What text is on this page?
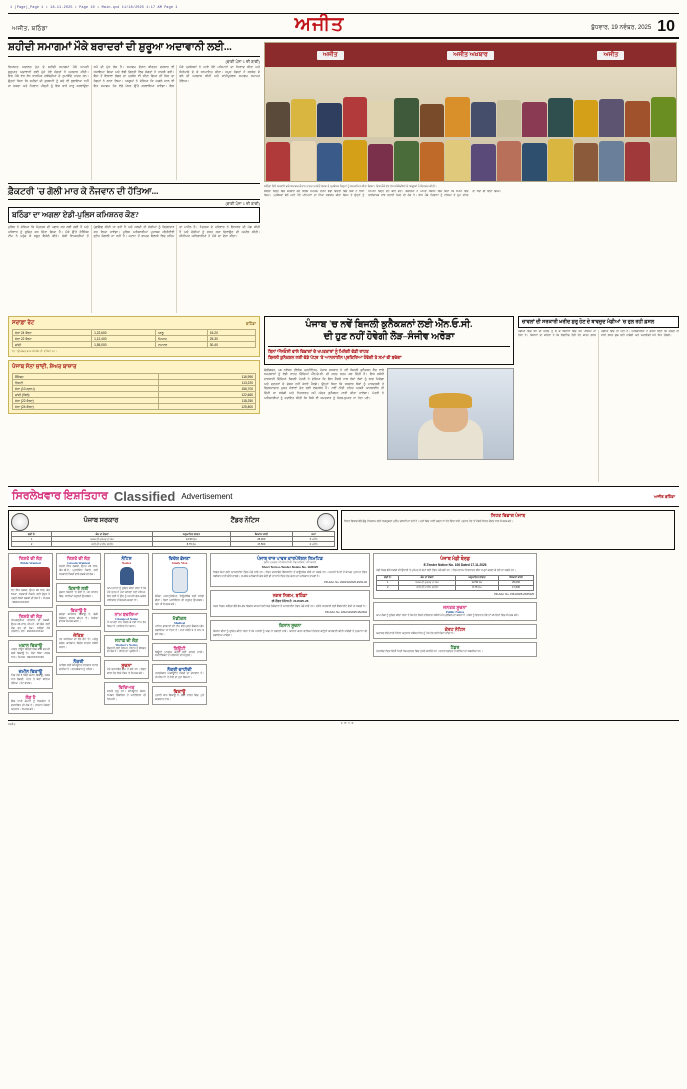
1 (Page)_Page 1 • 18-11-2025 • Page 10 • Main.qxd 11/18/2025 1:17 AM Page 1
ਅਜੀਤ, ਬਠਿੰਡਾ	ਅਜੀਤ	ਬੁੱਧਵਾਰ, 19 ਨਵੰਬਰ, 2025 10
ਸ਼ਹੀਦੀ ਸਮਾਗਮਾਂ ਮੌਕੇ ਬਰਾਦਰਾਂ ਦੀ ਸ਼ੁਰੂਆ ਅਦਾਵਾਨੀ ਲਈ...
(ਬਾਕੀ ਪੰਨਾ 1 ਦੀ ਬਾਕੀ)
ਸਿਆਸਤ ਅਦਾਲਤ ਪੁੱਤ ਦੇ ਸ਼ਹੀਦੀ ਸਮਾਗਮਾਂ ਮੌਕੇ ਆਪਣੀ ਸ਼ੁਰੂਆਤ ਅਦਾਵਾਨੀ ਲਈ ਪੁੱਜੇ ਹੋਏ ਸੰਗਤਾਂ ਨੇ ਅਰਦਾਸ ਕੀਤੀ। ਇਸ ਮੌਕੇ ਵੱਖ ਵੱਖ ਧਾਰਮਿਕ ਜਥੇਬੰਦੀਆਂ ਦੇ ਨੁਮਾਇੰਦੇ ਹਾਜ਼ਰ ਸਨ। ਉਨ੍ਹਾਂ ਕਿਹਾ ਕਿ ਸ਼ਹੀਦਾਂ ਦੀ ਕੁਰਬਾਨੀ ਨੂੰ ਕਦੇ ਵੀ ਭੁਲਾਇਆ ਨਹੀਂ ਜਾ ਸਕਦਾ ਅਤੇ ਨੌਜਵਾਨ ਪੀੜ੍ਹੀ ਨੂੰ ਇਸ ਬਾਰੇ ਜਾਣੂ ਕਰਵਾਉਣਾ ਸਮੇਂ ਦੀ ਮੁੱਖ ਲੋੜ ਹੈ। ਸਮਾਗਮ ਦੌਰਾਨ ਕੀਰਤਨ ਦਰਬਾਰ ਵੀ ਸਜਾਇਆ ਗਿਆ ਅਤੇ ਵੱਡੀ ਗਿਣਤੀ ਵਿਚ ਸੰਗਤਾਂ ਨੇ ਹਾਜ਼ਰੀ ਭਰੀ। ਇਸ ਤੋਂ ਇਲਾਵਾ ਲੰਗਰ ਦਾ ਪ੍ਰਬੰਧ ਵੀ ਕੀਤਾ ਗਿਆ ਸੀ ਜਿਸ ਦਾ ਸੰਗਤਾਂ ਨੇ ਲਾਹਾ ਲਿਆ। ਆਗੂਆਂ ਨੇ ਦੱਸਿਆ ਕਿ ਅਗਲੇ ਸਾਲ ਵੀ ਇਹ ਸਮਾਗਮ ਹੋਰ ਵੱਡੇ ਪੱਧਰ ਉੱਤੇ ਕਰਵਾਇਆ ਜਾਵੇਗਾ। ਇਸ ਮੌਕੇ ਪ੍ਰਬੰਧਕਾਂ ਨੇ ਆਏ ਹੋਏ ਮਹਿਮਾਨਾਂ ਦਾ ਧੰਨਵਾਦ ਕੀਤਾ ਅਤੇ ਸਿਰੋਪਾਓ ਦੇ ਕੇ ਸਨਮਾਨਿਤ ਕੀਤਾ। ਸਮੂਹ ਸੰਗਤਾਂ ਨੇ ਸਰਬੱਤ ਦੇ ਭਲੇ ਦੀ ਅਰਦਾਸ ਕੀਤੀ ਅਤੇ ਸ਼ਾਂਤੀਪੂਰਵਕ ਸਮਾਗਮ ਸਮਾਪਤ ਹੋਇਆ।
ਫ਼ੈਕਟਰੀ 'ਚ ਗੋਲੀ ਮਾਰ ਕੇ ਨੌਜਵਾਨ ਦੀ ਹੱਤਿਆ...
(ਬਾਕੀ ਪੰਨਾ 1 ਦੀ ਬਾਕੀ)
ਬਠਿੰਡਾ ਦਾ ਅਗਲਾ ਏਡੀ-ਪੁਲਿਸ ਕਮਿਸ਼ਨਰ ਕੌਣ?
ਪੁਲਿਸ ਨੇ ਦੱਸਿਆ ਕਿ ਮ੍ਰਿਤਕ ਦੀ ਪਛਾਣ ਕਰ ਲਈ ਗਈ ਹੈ ਅਤੇ ਪਰਿਵਾਰ ਨੂੰ ਸੂਚਿਤ ਕਰ ਦਿੱਤਾ ਗਿਆ ਹੈ। ਮੌਕੇ ਉੱਤੇ ਫੋਰੈਂਸਿਕ ਟੀਮ ਨੇ ਪਹੁੰਚ ਕੇ ਸਬੂਤ ਇਕੱਠੇ ਕੀਤੇ। ਸ਼ੱਕੀ ਵਿਅਕਤੀਆਂ ਤੋਂ ਪੁੱਛਗਿੱਛ ਕੀਤੀ ਜਾ ਰਹੀ ਹੈ ਅਤੇ ਜਲਦੀ ਹੀ ਦੋਸ਼ੀਆਂ ਨੂੰ ਗ੍ਰਿਫ਼ਤਾਰ ਕਰ ਲਿਆ ਜਾਵੇਗਾ। ਪੁਲਿਸ ਅਧਿਕਾਰੀਆਂ ਮੁਤਾਬਕ ਸੀਸੀਟੀਵੀ ਫੁਟੇਜ ਖੰਗਾਲੀ ਜਾ ਰਹੀ ਹੈ। ਘਟਨਾ ਤੋਂ ਬਾਅਦ ਇਲਾਕੇ ਵਿਚ ਸਹਿਮ ਦਾ ਮਾਹੌਲ ਹੈ। ਮ੍ਰਿਤਕ ਦੇ ਪਰਿਵਾਰ ਨੇ ਇਨਸਾਫ਼ ਦੀ ਮੰਗ ਕੀਤੀ ਹੈ ਅਤੇ ਦੋਸ਼ੀਆਂ ਨੂੰ ਸਖ਼ਤ ਸਜ਼ਾ ਦਿਵਾਉਣ ਦੀ ਅਪੀਲ ਕੀਤੀ। ਸੀਨੀਅਰ ਅਧਿਕਾਰੀਆਂ ਨੇ ਮੌਕੇ ਦਾ ਦੌਰਾ ਕੀਤਾ।
ਅਜੀਤ	ਅਜੀਤ ਅਖ਼ਬਾਰ	ਅਜੀਤ
ਬਠਿੰਡਾ ਵਿਖੇ ਕਰਵਾਏ ਗਏ ਸਮਾਗਮ ਦੌਰਾਨ ਹਾਜ਼ਰ ਪਤਵੰਤੇ ਸੱਜਣ ਤੇ ਪ੍ਰਬੰਧਕ ਜਿਨ੍ਹਾਂ ਨੂੰ ਸਨਮਾਨਿਤ ਕੀਤਾ ਗਿਆ। ਇਸ ਮੌਕੇ ਵੱਖ ਵੱਖ ਜਥੇਬੰਦੀਆਂ ਦੇ ਆਗੂਆਂ ਨੇ ਸ਼ਿਰਕਤ ਕੀਤੀ।
ਬਠਿੰਡਾ ਜ਼ਿਲ੍ਹੇ ਵਿਚ ਕਰਵਾਏ ਗਏ ਵਿਸ਼ੇਸ਼ ਸਮਾਗਮ ਦੌਰਾਨ ਵੱਡੀ ਗਿਣਤੀ ਵਿਚ ਲੋਕਾਂ ਨੇ ਹਿੱਸਾ ਲਿਆ। ਪ੍ਰਬੰਧਕਾਂ ਵੱਲੋਂ ਆਏ ਹੋਏ ਮਹਿਮਾਨਾਂ ਦਾ ਨਿੱਘਾ ਸਵਾਗਤ ਕੀਤਾ ਗਿਆ ਤੇ ਉਨ੍ਹਾਂ ਨੂੰ ਸਨਮਾਨ ਚਿੰਨ੍ਹ ਭੇਟ ਕੀਤੇ ਗਏ। ਵਕਤਿਆਂ ਨੇ ਆਪਣੇ ਸੰਬੋਧਨ ਵਿਚ ਕਿਹਾ ਕਿ ਸਮਾਜ ਵਿਚ ਭਾਈਚਾਰਕ ਸਾਂਝ ਬਣਾਈ ਰੱਖਣ ਦੀ ਲੋੜ ਹੈ। ਇਸ ਮੌਕੇ ਨੌਜਵਾਨਾਂ ਨੂੰ ਨਸ਼ਿਆਂ ਤੋਂ ਦੂਰ ਰਹਿਣ ਦਾ ਸੱਦਾ ਵੀ ਦਿੱਤਾ ਗਿਆ।
ਸਰਾਫ਼ਾ ਰੇਟ	ਬਠਿੰਡਾ
ਸੋਨਾ 24 ਕੈਰਟ	1,22,600	ਆਲੂ	15-20
ਸੋਨਾ 22 ਕੈਰਟ	1,12,400	ਪਿਆਜ਼	25-30
ਚਾਂਦੀ	1,55,000	ਟਮਾਟਰ	30-40
ਨੋਟ : ਉਪਰੋਕਤ ਭਾਅ ਜੀ.ਐੱਸ.ਟੀ. ਤੋਂ ਬਿਨਾਂ ਹਨ।
ਪੰਜਾਬ ਸੋਨਾ ਚਾਂਦੀ, ਸ਼ੇਅਰ ਬਾਜ਼ਾਰ
ਸੈਂਸੈਕਸ	116,990
ਨਿਫਟੀ	113,220
ਸੋਨਾ (10 ਗ੍ਰਾਮ)	156,700
ਚਾਂਦੀ (ਕਿਲੋ)	122,660
ਸੋਨਾ (22 ਕੈਰਟ)	118,250
ਸੋਨਾ (24 ਕੈਰਟ)	125,800
ਪੰਜਾਬ 'ਚ ਨਵੇਂ ਬਿਜਲੀ ਕੁਨੈਕਸ਼ਨਾਂ ਲਈ ਐੱਨ.ਓ.ਸੀ.
ਦੀ ਹੁਣ ਨਹੀਂ ਹੋਵੇਗੀ ਲੋੜ–ਸੰਜੀਵ ਅਰੋੜਾ
ਬਿਨਾਂ ਐੱਨਓਸੀ ਵਾਲੇ ਵਿਭਾਗਾਂ ਦੇ ਖਪਤਕਾਰਾਂ ਨੂੰ ਮਿਲੇਗੀ ਵੱਡੀ ਰਾਹਤ
ਬਿਜਲੀ ਕੁਨੈਕਸ਼ਨ ਲਈ ਵੱਡੇ ਪੱਧਰ 'ਤੇ ਆਨਲਾਈਨ ਪ੍ਰਕਿਰਿਆ ਹੋਵੇਗੀ ਤੇ ਸਮਾਂ ਵੀ ਬਚੇਗਾ
ਚੰਡੀਗੜ੍ਹ, 18 ਨਵੰਬਰ (ਵਿਸ਼ੇਸ਼ ਪ੍ਰਤੀਨਿਧ)- ਪੰਜਾਬ ਸਰਕਾਰ ਨੇ ਨਵੇਂ ਬਿਜਲੀ ਕੁਨੈਕਸ਼ਨ ਲੈਣ ਵਾਲੇ ਖਪਤਕਾਰਾਂ ਨੂੰ ਵੱਡੀ ਰਾਹਤ ਦਿੰਦਿਆਂ ਐੱਨ.ਓ.ਸੀ. ਦੀ ਸ਼ਰਤ ਖ਼ਤਮ ਕਰ ਦਿੱਤੀ ਹੈ। ਇਸ ਸਬੰਧੀ ਜਾਣਕਾਰੀ ਦਿੰਦਿਆਂ ਬਿਜਲੀ ਮੰਤਰੀ ਨੇ ਦੱਸਿਆ ਕਿ ਇਸ ਫ਼ੈਸਲੇ ਨਾਲ ਲੱਖਾਂ ਲੋਕਾਂ ਨੂੰ ਲਾਭ ਮਿਲੇਗਾ ਅਤੇ ਦਫ਼ਤਰਾਂ ਦੇ ਚੱਕਰ ਨਹੀਂ ਕੱਟਣੇ ਪੈਣਗੇ। ਉਨ੍ਹਾਂ ਕਿਹਾ ਕਿ ਸਰਕਾਰ ਲੋਕਾਂ ਨੂੰ ਪਾਰਦਰਸ਼ੀ ਤੇ ਭ੍ਰਿਸ਼ਟਾਚਾਰ ਮੁਕਤ ਸੇਵਾਵਾਂ ਦੇਣ ਲਈ ਵਚਨਬੱਧ ਹੈ। ਨਵੀਂ ਨੀਤੀ ਤਹਿਤ ਅਰਜ਼ੀ ਆਨਲਾਈਨ ਹੀ ਦਿੱਤੀ ਜਾ ਸਕੇਗੀ ਅਤੇ ਨਿਰਧਾਰਤ ਸਮੇਂ ਅੰਦਰ ਕੁਨੈਕਸ਼ਨ ਜਾਰੀ ਕੀਤਾ ਜਾਵੇਗਾ। ਮੰਤਰੀ ਨੇ ਅਧਿਕਾਰੀਆਂ ਨੂੰ ਹਦਾਇਤ ਕੀਤੀ ਕਿ ਕਿਸੇ ਵੀ ਖਪਤਕਾਰ ਨੂੰ ਖੱਜਲ-ਖੁਆਰ ਨਾ ਹੋਣਾ ਪਵੇ।
ਚਾਵਲਾਂ ਦੀ ਸਰਕਾਰੀ ਖ਼ਰੀਦ ਸ਼ੁਰੂ ਹੋਣ ਦੇ ਬਾਵਜੂਦ ਮੰਡੀਆਂ 'ਚ ਰੁਲ ਰਹੀ ਫ਼ਸਲ
ਮੰਡੀਆਂ ਵਿਚ ਝੋਨੇ ਦੀ ਖ਼ਰੀਦ ਨੂੰ ਲੈ ਕੇ ਕਿਸਾਨਾਂ ਵਿਚ ਰੋਸ ਪਾਇਆ ਜਾ ਰਿਹਾ ਹੈ। ਕਿਸਾਨਾਂ ਦਾ ਕਹਿਣਾ ਹੈ ਕਿ ਲਿਫ਼ਟਿੰਗ ਹੌਲੀ ਹੋਣ ਕਾਰਨ ਫ਼ਸਲ ਮੰਡੀਆਂ ਵਿਚ ਹੀ ਪਈ ਹੈ। ਅਧਿਕਾਰੀਆਂ ਨੇ ਭਰੋਸਾ ਦਿੱਤਾ ਕਿ ਜਲਦੀ ਹੀ ਸਾਰੀ ਫ਼ਸਲ ਚੁੱਕ ਲਈ ਜਾਵੇਗੀ ਅਤੇ ਅਦਾਇਗੀ ਸਮੇਂ ਸਿਰ ਹੋਵੇਗੀ।
ਸਿਰਲੇਖਵਾਰ ਇਸ਼ਤਿਹਾਰ Classified Advertisement	ਅਜੀਤ ਬਠਿੰਡਾ
ਪੰਜਾਬ ਸਰਕਾਰ	ਟੈਂਡਰ ਨੋਟਿਸ
ਲੜੀ ਨੰ:	ਕੰਮ ਦਾ ਵੇਰਵਾ	ਅਨੁਮਾਨਿਤ ਲਾਗਤ	ਬਿਆਨਾ ਰਾਸ਼ੀ	ਸਮਾਂ
1	ਸੜਕ ਦੀ ਮੁਰੰਮਤ ਦਾ ਕੰਮ	12.50 ਲੱਖ	25,000	3 ਮਹੀਨੇ
2	ਪਾਣੀ ਦੀ ਪਾਈਪ ਲਾਈਨ	8.75 ਲੱਖ	17,500	2 ਮਹੀਨੇ
ਸਿਹਤ ਵਿਭਾਗ ਪੰਜਾਬ
ਸਿਹਤ ਵਿਭਾਗ ਵੱਲੋਂ ਡੇਂਗੂ ਤੋਂ ਬਚਾਅ ਲਈ ਜਾਗਰੂਕਤਾ ਮੁਹਿੰਮ ਚਲਾਈ ਜਾ ਰਹੀ ਹੈ। ਘਰਾਂ ਵਿਚ ਪਾਣੀ ਖੜ੍ਹਾ ਨਾ ਹੋਣ ਦਿੱਤਾ ਜਾਵੇ। ਬੁਖ਼ਾਰ ਹੋਣ 'ਤੇ ਨੇੜਲੇ ਸਿਹਤ ਕੇਂਦਰ ਨਾਲ ਸੰਪਰਕ ਕਰੋ।
ਰਿਸ਼ਤੇ ਦੀ ਲੋੜ
Bride Wanted
ਜੱਟ ਸਿੱਖ ਲੜਕਾ, ਉਮਰ 28 ਸਾਲ, ਕੱਦ 5'10", ਸਰਕਾਰੀ ਨੌਕਰੀ, ਲਈ ਸੁੰਦਰ ਤੇ ਪੜ੍ਹੀ-ਲਿਖੀ ਲੜਕੀ ਦੀ ਲੋੜ ਹੈ। ਸੰਪਰਕ : 98XXXXXX07
ਰਿਸ਼ਤੇ ਦੀ ਲੋੜ
ਰਾਮਗੜ੍ਹੀਆ ਪਰਿਵਾਰ ਦੀ ਲੜਕੀ, ਉਮਰ 26 ਸਾਲ, ਐੱਮ.ਏ., ਬੀ.ਐੱਡ. ਲਈ ਯੋਗ ਵਰ ਦੀ ਲੋੜ। ਬਠਿੰਡਾ ਨੇੜੇ ਤਰਜੀਹ। ਫ਼ੋਨ : 94XXXXXX12
ਮਕਾਨ ਵਿਕਾਊ
ਮਾਡਲ ਟਾਊਨ ਬਠਿੰਡਾ ਵਿਚ 250 ਗਜ਼ ਦੀ ਕੋਠੀ ਵਿਕਾਊ ਹੈ। ਸੌਦਾ ਸਿੱਧਾ ਮਾਲਕ ਨਾਲ। ਸੰਪਰਕ : 99XXXXXX45
ਜ਼ਮੀਨ ਵਿਕਾਊ
ਪਿੰਡ ਨੇੜੇ 5 ਕਿੱਲੇ ਜ਼ਮੀਨ ਵਿਕਾਊ, ਸੜਕ ਨਾਲ ਲੱਗਦੀ, ਮੋਟਰ ਤੇ ਕੋਠਾ ਬਣਿਆ ਹੋਇਆ। ਰੇਟ ਵਾਜਬ।
ਲੋੜ ਹੈ
ਇੱਕ ਨਾਮੀ ਕੰਪਨੀ ਨੂੰ ਸੇਲਜ਼ਮੈਨ ਤੇ ਡਰਾਈਵਰ ਦੀ ਲੋੜ ਹੈ। ਤਨਖ਼ਾਹ ਯੋਗਤਾ ਅਨੁਸਾਰ। ਸੰਪਰਕ ਕਰੋ।
ਰਿਸ਼ਤੇ ਦੀ ਲੋੜ
Groom Wanted
ਖੱਤਰੀ ਸਿੱਖ ਲੜਕੀ, ਉਮਰ 25 ਸਾਲ, ਐੱਮ.ਬੀ.ਏ., ਪ੍ਰਾਈਵੇਟ ਨੌਕਰੀ, ਲਈ ਸਰਕਾਰੀ ਨੌਕਰੀ ਵਾਲੇ ਲੜਕੇ ਦੀ ਲੋੜ।
ਕਿਰਾਏ ਲਈ
ਦੁਕਾਨ ਕਿਰਾਏ 'ਤੇ ਦੇਣੀ ਹੈ, ਮੇਨ ਬਾਜ਼ਾਰ ਵਿਚ, ਸਾਰੀਆਂ ਸਹੂਲਤਾਂ ਉਪਲਬਧ।
ਵਿਕਾਊ ਹੈ
ਚਲਦਾ ਕਾਰੋਬਾਰ ਵਿਕਾਊ ਹੈ, ਚੰਗੀ ਲੋਕੇਸ਼ਨ, ਵਾਜਬ ਕੀਮਤ 'ਤੇ। ਸੰਜੀਦਾ ਗਾਹਕ ਸੰਪਰਕ ਕਰਨ।
ਜੋਤਿਸ਼
ਹਰ ਸਮੱਸਿਆ ਦਾ ਹੱਲ ਫ਼ੋਨ 'ਤੇ। ਘਰੇਲੂ ਕਲੇਸ਼, ਕਾਰੋਬਾਰ, ਵਿਦੇਸ਼ ਯਾਤਰਾ ਸਬੰਧੀ ਸਲਾਹ।
ਨੌਕਰੀ
ਆਫ਼ਿਸ ਲਈ ਕੰਪਿਊਟਰ ਜਾਣਕਾਰ ਸਟਾਫ਼ ਚਾਹੀਦਾ ਹੈ। ਤਜਰਬੇਕਾਰ ਨੂੰ ਪਹਿਲ।
ਨੋਟਿਸ
Notice
ਆਮ ਜਨਤਾ ਨੂੰ ਸੂਚਿਤ ਕੀਤਾ ਜਾਂਦਾ ਹੈ ਕਿ ਮੇਰੇ ਪੁੱਤਰ ਨੇ ਮੇਰਾ ਕਹਿਣਾ ਨਹੀਂ ਮੰਨਿਆ, ਇਸ ਲਈ ਮੈਂ ਉਸ ਨੂੰ ਆਪਣੀ ਚੱਲ-ਅਚੱਲ ਜਾਇਦਾਦ ਤੋਂ ਬੇਦਖ਼ਲ ਕਰਦਾ ਹਾਂ।
ਨਾਮ ਬਦਲਿਆ
Change of Name
ਮੈਂ ਆਪਣਾ ਨਾਮ ਬਦਲ ਕੇ ਨਵਾਂ ਨਾਮ ਰੱਖ ਲਿਆ ਹੈ। ਸਬੰਧਤ ਨੋਟ ਕਰਨ।
ਸਟਾਫ਼ ਦੀ ਲੋੜ
Worker's Notice
ਫੈਕਟਰੀ ਲਈ ਹੈਲਪਰ, ਫਿਟਰ ਤੇ ਵੈਲਡਰ ਦੀ ਲੋੜ ਹੈ। ਰਹਿਣ ਦਾ ਪ੍ਰਬੰਧ ਹੈ।
ਸੂਚਨਾ
ਮੇਰੇ ਦਸਤਾਵੇਜ਼ ਗੁੰਮ ਹੋ ਗਏ ਹਨ। ਲੱਭਣ ਵਾਲਾ ਹੇਠ ਲਿਖੇ ਨੰਬਰ 'ਤੇ ਸੰਪਰਕ ਕਰੇ।
ਵਿਦਿਅਕ
ਦਾਖ਼ਲੇ ਸ਼ੁਰੂ ਹਨ। ਕੰਪਿਊਟਰ ਕੋਰਸ, ਸਪੋਕਨ ਇੰਗਲਿਸ਼ ਤੇ ਆਈਲੈਟਸ ਦੀ ਤਿਆਰੀ।
ਵਿਦੇਸ਼ ਭੇਜਣਾ
Study Visa
ਕੈਨੇਡਾ, ਆਸਟ੍ਰੇਲੀਆ, ਨਿਊਜ਼ੀਲੈਂਡ ਲਈ ਸਟੱਡੀ ਵੀਜ਼ਾ। ਬਿਨਾਂ ਆਈਲੈਟਸ ਵੀ ਸਹੂਲਤ ਉਪਲਬਧ। ਅੱਜ ਹੀ ਸੰਪਰਕ ਕਰੋ।
ਮੈਡੀਕਲ
Medical
ਮਾਹਿਰ ਡਾਕਟਰਾਂ ਦੀ ਟੀਮ ਵੱਲੋਂ ਮੁਫ਼ਤ ਚੈੱਕਅੱਪ ਕੈਂਪ ਲਗਾਇਆ ਜਾ ਰਿਹਾ ਹੈ। ਸਮਾਂ ਸਵੇਰੇ 9 ਤੋਂ ਸ਼ਾਮ 5 ਵਜੇ ਤੱਕ।
ਬਿਊਟੀ
ਬਿਊਟੀ ਪਾਰਲਰ ਕੋਰਸ ਲਈ ਦਾਖ਼ਲੇ ਜਾਰੀ। ਸਰਟੀਫਿਕੇਟ ਤੇ ਪਲੇਸਮੈਂਟ ਦੀ ਸਹੂਲਤ।
ਨੌਕਰੀ ਚਾਹੀਦੀ
ਤਜਰਬੇਕਾਰ ਅਕਾਊਂਟੈਂਟ ਨੌਕਰੀ ਦਾ ਚਾਹਵਾਨ ਹੈ। ਜੀ.ਐੱਸ.ਟੀ. ਤੇ ਟੈਲੀ ਦਾ ਪੂਰਾ ਗਿਆਨ।
ਵਿਕਾਊ
ਪੁਰਾਣੀ ਕਾਰ ਵਿਕਾਊ ਹੈ, ਚੰਗੀ ਹਾਲਤ ਵਿਚ, ਪੂਰੇ ਕਾਗ਼ਜ਼ਾਤ ਨਾਲ।
ਪੰਜਾਬ ਰਾਜ ਪਾਵਰ ਕਾਰਪੋਰੇਸ਼ਨ ਲਿਮਟਿਡ
(ਰਜਿ: ਦਫ਼ਤਰ: ਪੀ.ਐੱਸ.ਈ.ਬੀ. ਹੈੱਡ ਆਫ਼ਿਸ, ਪਟਿਆਲਾ)
Short Term e-Tender Notice No. 19/2025
ਸਿਵਲ ਕੰਮਾਂ ਲਈ ਆਨਲਾਈਨ ਟੈਂਡਰ ਮੰਗੇ ਜਾਂਦੇ ਹਨ। ਟੈਂਡਰ ਦਸਤਾਵੇਜ਼ ਵੈੱਬਸਾਈਟ ਤੋਂ ਡਾਊਨਲੋਡ ਕੀਤੇ ਜਾ ਸਕਦੇ ਹਨ। ਆਖ਼ਰੀ ਮਿਤੀ ਤੋਂ ਬਾਅਦ ਪ੍ਰਾਪਤ ਟੈਂਡਰ ਸਵੀਕਾਰ ਨਹੀਂ ਕੀਤੇ ਜਾਣਗੇ। ਸਮਰੱਥ ਅਧਿਕਾਰੀ ਕੋਲ ਕੋਈ ਵੀ ਜਾਂ ਸਾਰੇ ਟੈਂਡਰ ਰੱਦ ਕਰਨ ਦਾ ਅਧਿਕਾਰ ਰਾਖਵਾਂ ਹੈ।
PR-Advt. No. 2018/12/2025-26/01-02
ਨਗਰ ਨਿਗਮ, ਬਠਿੰਡਾ
ਈ-ਟੈਂਡਰ ਨੋਟਿਸ ਨੰ: 21/2025-26
ਨਗਰ ਨਿਗਮ ਬਠਿੰਡਾ ਵੱਲੋਂ ਵੱਖ-ਵੱਖ ਵਿਕਾਸ ਕਾਰਜਾਂ ਲਈ ਯੋਗ ਠੇਕੇਦਾਰਾਂ ਤੋਂ ਆਨਲਾਈਨ ਟੈਂਡਰ ਮੰਗੇ ਜਾਂਦੇ ਹਨ। ਵਧੇਰੇ ਜਾਣਕਾਰੀ ਲਈ ਵੈੱਬਸਾਈਟ ਵੇਖੀ ਜਾ ਸਕਦੀ ਹੈ।
PR-Advt. No. 1812/12/2025-26/2304
ਕਿਸਾਨ ਸੂਚਨਾ
ਕਿਸਾਨ ਵੀਰਾਂ ਨੂੰ ਸੂਚਿਤ ਕੀਤਾ ਜਾਂਦਾ ਹੈ ਕਿ ਪਰਾਲੀ ਨੂੰ ਅੱਗ ਨਾ ਲਗਾਈ ਜਾਵੇ। ਅਜਿਹਾ ਕਰਨ ਵਾਲਿਆਂ ਖ਼ਿਲਾਫ਼ ਕਾਨੂੰਨੀ ਕਾਰਵਾਈ ਕੀਤੀ ਜਾਵੇਗੀ ਤੇ ਜੁਰਮਾਨਾ ਵੀ ਲਗਾਇਆ ਜਾਵੇਗਾ।
ਪੰਜਾਬ ਮੰਡੀ ਬੋਰਡ
E-Tender Notice No. 106 Dated 17.11.2025
ਮੰਡੀ ਬੋਰਡ ਵੱਲੋਂ ਸੜਕਾਂ ਦੀ ਉਸਾਰੀ ਤੇ ਮੁਰੰਮਤ ਦੇ ਕੰਮਾਂ ਲਈ ਟੈਂਡਰ ਮੰਗੇ ਗਏ ਹਨ। ਟੈਂਡਰ ਫ਼ਾਰਮ ਨਿਰਧਾਰਤ ਫ਼ੀਸ ਜਮ੍ਹਾਂ ਕਰਵਾ ਕੇ ਲਏ ਜਾ ਸਕਦੇ ਹਨ।
ਲੜੀ ਨੰ:	ਕੰਮ ਦਾ ਵੇਰਵਾ	ਅਨੁਮਾਨਿਤ ਲਾਗਤ	ਬਿਆਨਾ ਰਾਸ਼ੀ
1	ਸੜਕ ਦੀ ਮੁਰੰਮਤ ਦਾ ਕੰਮ	12.50 ਲੱਖ	25,000
2	ਪਾਣੀ ਦੀ ਪਾਈਪ ਲਾਈਨ	8.75 ਲੱਖ	17,500
PR-Advt. No. 1561/2025-26/05125
ਜਨਤਕ ਸੂਚਨਾ
Public Notice
ਆਮ ਲੋਕਾਂ ਨੂੰ ਸੂਚਿਤ ਕੀਤਾ ਜਾਂਦਾ ਹੈ ਕਿ ਹੇਠ ਲਿਖੀ ਜਾਇਦਾਦ ਸਬੰਧੀ ਮੇਰੇ ਮੁਵੱਕਿਲ ਦਾ ਕਬਜ਼ਾ ਹੈ। ਕਿਸੇ ਨੂੰ ਇਤਰਾਜ਼ ਹੋਵੇ ਤਾਂ 15 ਦਿਨਾਂ ਵਿਚ ਸੰਪਰਕ ਕਰੇ।
ਕੋਰਟ ਨੋਟਿਸ
ਅਦਾਲਤ ਵੱਲੋਂ ਜਾਰੀ ਨੋਟਿਸ ਅਨੁਸਾਰ ਸਬੰਧਤ ਧਿਰ ਨੂੰ ਪੇਸ਼ ਹੋਣ ਲਈ ਕਿਹਾ ਜਾਂਦਾ ਹੈ।
ਟੈਂਡਰ
ਮੋਹਰਬੰਦ ਟੈਂਡਰ ਦਿੱਤੀ ਮਿਤੀ ਤੱਕ ਦਫ਼ਤਰ ਵਿਚ ਪੁੱਜਣੇ ਚਾਹੀਦੇ ਹਨ। ਸ਼ਰਤਾਂ ਦਫ਼ਤਰ ਤੋਂ ਲਈਆਂ ਜਾ ਸਕਦੀਆਂ ਹਨ।
ਅਜੀਤ	C M Y K
